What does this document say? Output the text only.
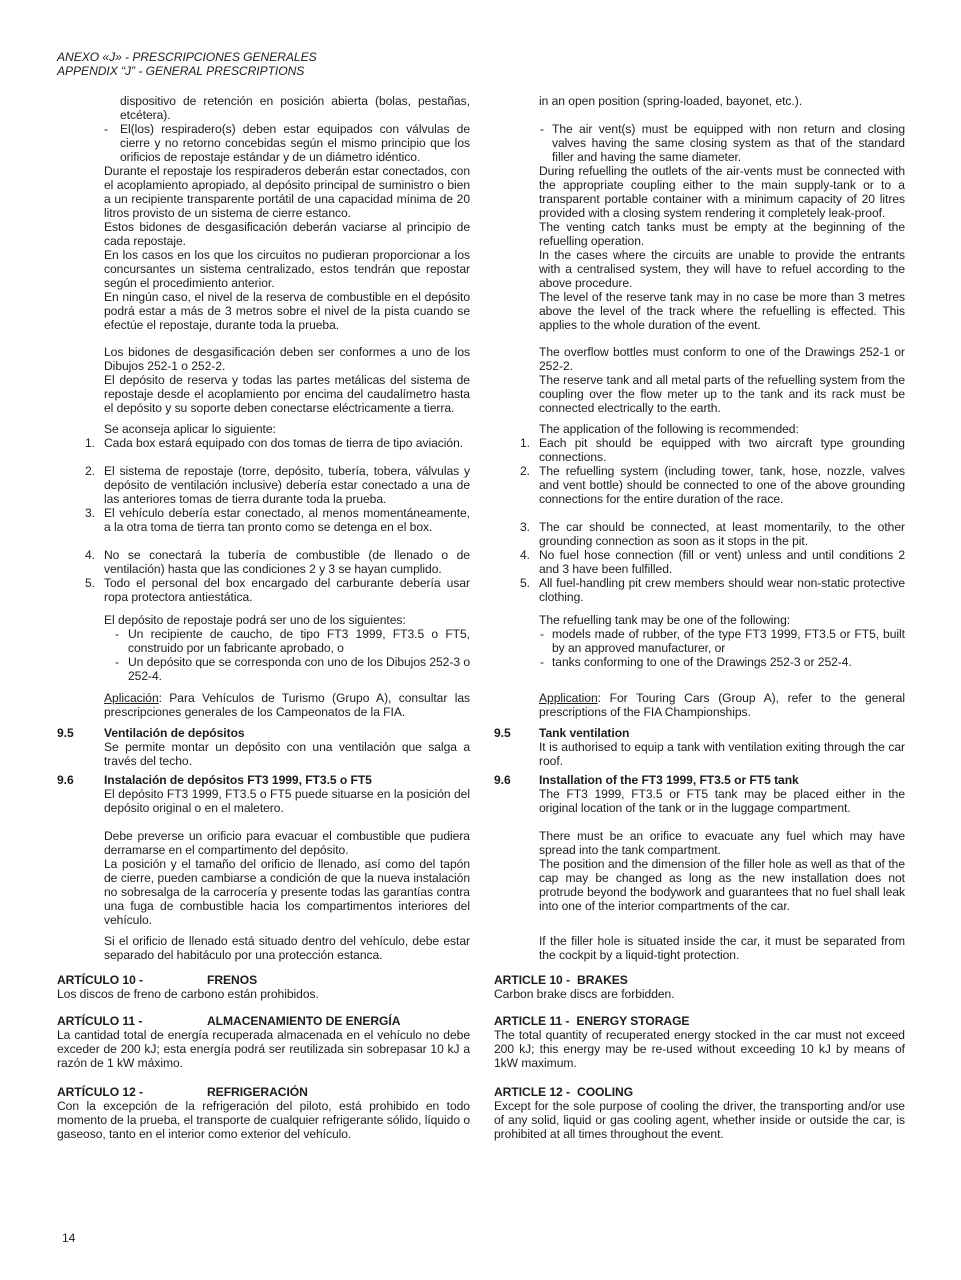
ANEXO «J» - PRESCRIPCIONES GENERALES

APPENDIX “J” - GENERAL PRESCRIPTIONS

dispositivo de retención en posición abierta (bolas, pestañas, etcétera).

in an open position (spring-loaded, bayonet, etc.).

- El(los) respiradero(s) deben estar equipados con válvulas de cierre y no retorno concebidas según el mismo principio que los orificios de repostaje estándar y de un diámetro idéntico.
- The air vent(s) must be equipped with non return and closing valves having the same closing system as that of the standard filler and having the same diameter.

Durante el repostaje los respiraderos deberán estar conectados, con el acoplamiento apropiado, al depósito principal de suministro o bien a un recipiente transparente portátil de una capacidad mínima de 20 litros provisto de un sistema de cierre estanco.

During refuelling the outlets of the air-vents must be connected with the appropriate coupling either to the main supply-tank or to a transparent portable container with a minimum capacity of 20 litres provided with a closing system rendering it completely leak-proof.

Estos bidones de desgasificación deberán vaciarse al principio de cada repostaje.

The venting catch tanks must be empty at the beginning of the refuelling operation.

En los casos en los que los circuitos no pudieran proporcionar a los concursantes un sistema centralizado, estos tendrán que repostar según el procedimiento anterior.

In the cases where the circuits are unable to provide the entrants with a centralised system, they will have to refuel according to the above procedure.

En ningún caso, el nivel de la reserva de combustible en el depósito podrá estar a más de 3 metros sobre el nivel de la pista cuando se efectúe el repostaje, durante toda la prueba.

The level of the reserve tank may in no case be more than 3 metres above the level of the track where the refuelling is effected. This applies to the whole duration of the event.

Los bidones de desgasificación deben ser conformes a uno de los Dibujos 252-1 o 252-2.

The overflow bottles must conform to one of the Drawings 252-1 or 252-2.

El depósito de reserva y todas las partes metálicas del sistema de repostaje desde el acoplamiento por encima del caudalímetro hasta el depósito y su soporte deben conectarse eléctricamente a tierra.

The reserve tank and all metal parts of the refuelling system from the coupling over the flow meter up to the tank and its rack must be connected electrically to the earth.

Se aconseja aplicar lo siguiente:	The application of the following is recommended:

1. Cada box estará equipado con dos tomas de tierra de tipo aviación.	1. Each pit should be equipped with two aircraft type grounding connections.
2. El sistema de repostaje (torre, depósito, tubería, tobera, válvulas y depósito de ventilación inclusive) debería estar conectado a una de las anteriores tomas de tierra durante toda la prueba.
2. The refuelling system (including tower, tank, hose, nozzle, valves and vent bottle) should be connected to one of the above grounding connections for the entire duration of the race.
3. El vehículo debería estar conectado, al menos momentáneamente, a la otra toma de tierra tan pronto como se detenga en el box.	3. The car should be connected, at least momentarily, to the other grounding connection as soon as it stops in the pit.
4. No se conectará la tubería de combustible (de llenado o de ventilación) hasta que las condiciones 2 y 3 se hayan cumplido.
4. No fuel hose connection (fill or vent) unless and until conditions 2 and 3 have been fulfilled.
5. Todo el personal del box encargado del carburante debería usar ropa protectora antiestática.
5. All fuel-handling pit crew members should wear non-static protective clothing.

El depósito de repostaje podrá ser uno de los siguientes:	The refuelling tank may be one of the following:

- Un recipiente de caucho, de tipo FT3 1999, FT3.5 o FT5, construido por un fabricante aprobado, o
- models made of rubber, of the type FT3 1999, FT3.5 or FT5, built by an approved manufacturer, or
- Un depósito que se corresponda con uno de los Dibujos 252-3 o 252-4.
- tanks conforming to one of the Drawings 252-3 or 252-4.

Aplicación: Para Vehículos de Turismo (Grupo A), consultar las prescripciones generales de los Campeonatos de la FIA.

Application: For Touring Cars (Group A), refer to the general prescriptions of the FIA Championships.

9.5	Ventilación de depósitos

Se permite montar un depósito con una ventilación que salga a través del techo.

9.5	Tank ventilation

It is authorised to equip a tank with ventilation exiting through the car roof.

9.6	Instalación de depósitos FT3 1999, FT3.5 o FT5

El depósito FT3 1999, FT3.5 o FT5 puede situarse en la posición del depósito original o en el maletero.

9.6	Installation of the FT3 1999, FT3.5 or FT5 tank

The FT3 1999, FT3.5 or FT5 tank may be placed either in the original location of the tank or in the luggage compartment.

Debe preverse un orificio para evacuar el combustible que pudiera derramarse en el compartimento del depósito.

There must be an orifice to evacuate any fuel which may have spread into the tank compartment.

La posición y el tamaño del orificio de llenado, así como del tapón de cierre, pueden cambiarse a condición de que la nueva instalación no sobresalga de la carrocería y presente todas las garantías contra una fuga de combustible hacia los compartimentos interiores del vehículo.

The position and the dimension of the filler hole as well as that of the cap may be changed as long as the new installation does not protrude beyond the bodywork and guarantees that no fuel shall leak into one of the interior compartments of the car.

Si el orificio de llenado está situado dentro del vehículo, debe estar separado del habitáculo por una protección estanca.

If the filler hole is situated inside the car, it must be separated from the cockpit by a liquid-tight protection.

ARTÍCULO 10 -	FRENOS

Los discos de freno de carbono están prohibidos.

ARTICLE 10 - BRAKES

Carbon brake discs are forbidden.

ARTÍCULO 11 -	ALMACENAMIENTO DE ENERGÍA

La cantidad total de energía recuperada almacenada en el vehículo no debe exceder de 200 kJ; esta energía podrá ser reutilizada sin sobrepasar 10 kJ a razón de 1 kW máximo.

ARTICLE 11 - ENERGY STORAGE

The total quantity of recuperated energy stocked in the car must not exceed 200 kJ; this energy may be re-used without exceeding 10 kJ by means of 1kW maximum.

ARTÍCULO 12 -	REFRIGERACIÓN

Con la excepción de la refrigeración del piloto, está prohibido en todo momento de la prueba, el transporte de cualquier refrigerante sólido, líquido o gaseoso, tanto en el interior como exterior del vehículo.

ARTICLE 12 - COOLING

Except for the sole purpose of cooling the driver, the transporting and/or use of any solid, liquid or gas cooling agent, whether inside or outside the car, is prohibited at all times throughout the event.

14
